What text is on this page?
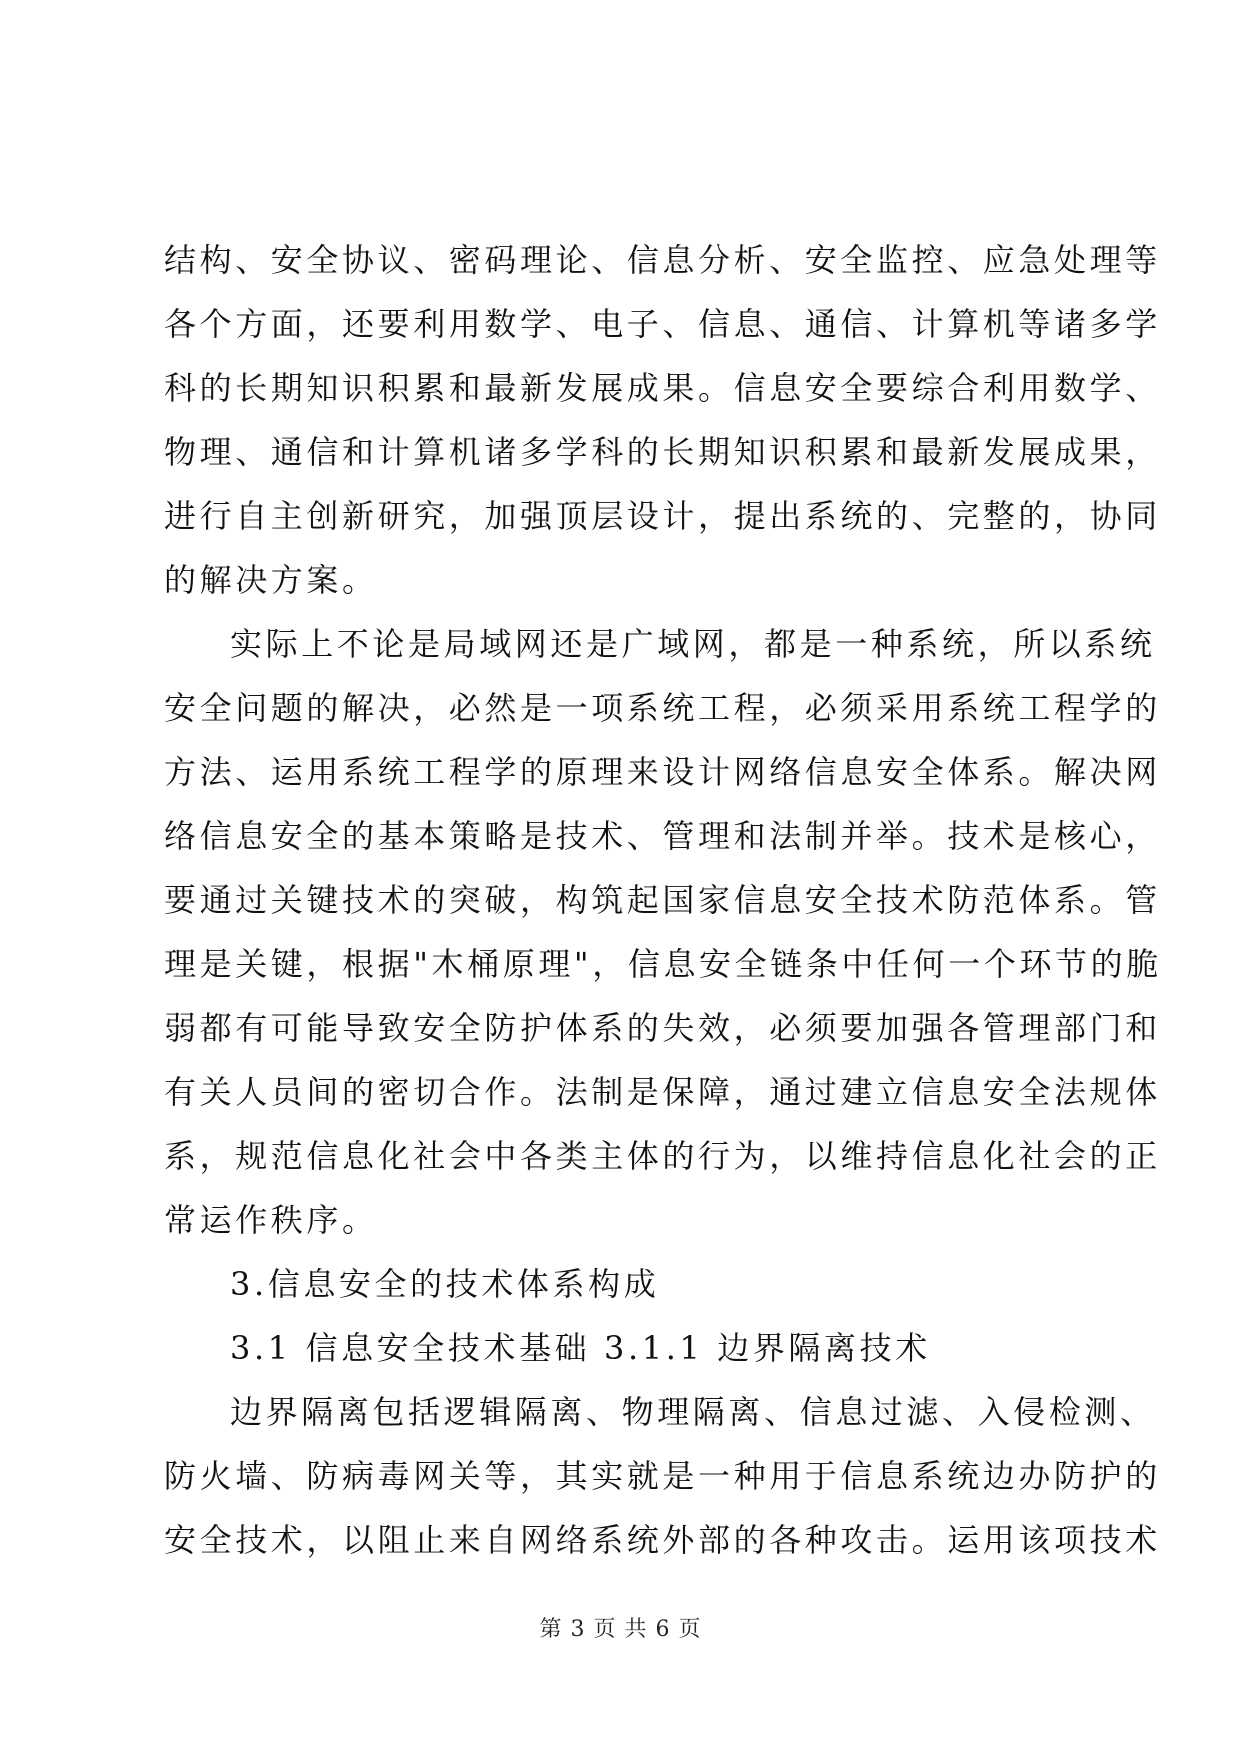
结构、安全协议、密码理论、信息分析、安全监控、应急处理等
各个方面，还要利用数学、电子、信息、通信、计算机等诸多学
科的长期知识积累和最新发展成果。信息安全要综合利用数学、
物理、通信和计算机诸多学科的长期知识积累和最新发展成果，
进行自主创新研究，加强顶层设计，提出系统的、完整的，协同
的解决方案。
实际上不论是局域网还是广域网，都是一种系统，所以系统
安全问题的解决，必然是一项系统工程，必须采用系统工程学的
方法、运用系统工程学的原理来设计网络信息安全体系。解决网
络信息安全的基本策略是技术、管理和法制并举。技术是核心，
要通过关键技术的突破，构筑起国家信息安全技术防范体系。管
理是关键，根据"木桶原理"，信息安全链条中任何一个环节的脆
弱都有可能导致安全防护体系的失效，必须要加强各管理部门和
有关人员间的密切合作。法制是保障，通过建立信息安全法规体
系，规范信息化社会中各类主体的行为，以维持信息化社会的正
常运作秩序。
3.信息安全的技术体系构成
3.1 信息安全技术基础 3.1.1 边界隔离技术
边界隔离包括逻辑隔离、物理隔离、信息过滤、入侵检测、
防火墙、防病毒网关等，其实就是一种用于信息系统边办防护的
安全技术，以阻止来自网络系统外部的各种攻击。运用该项技术
第 3 页 共 6 页
